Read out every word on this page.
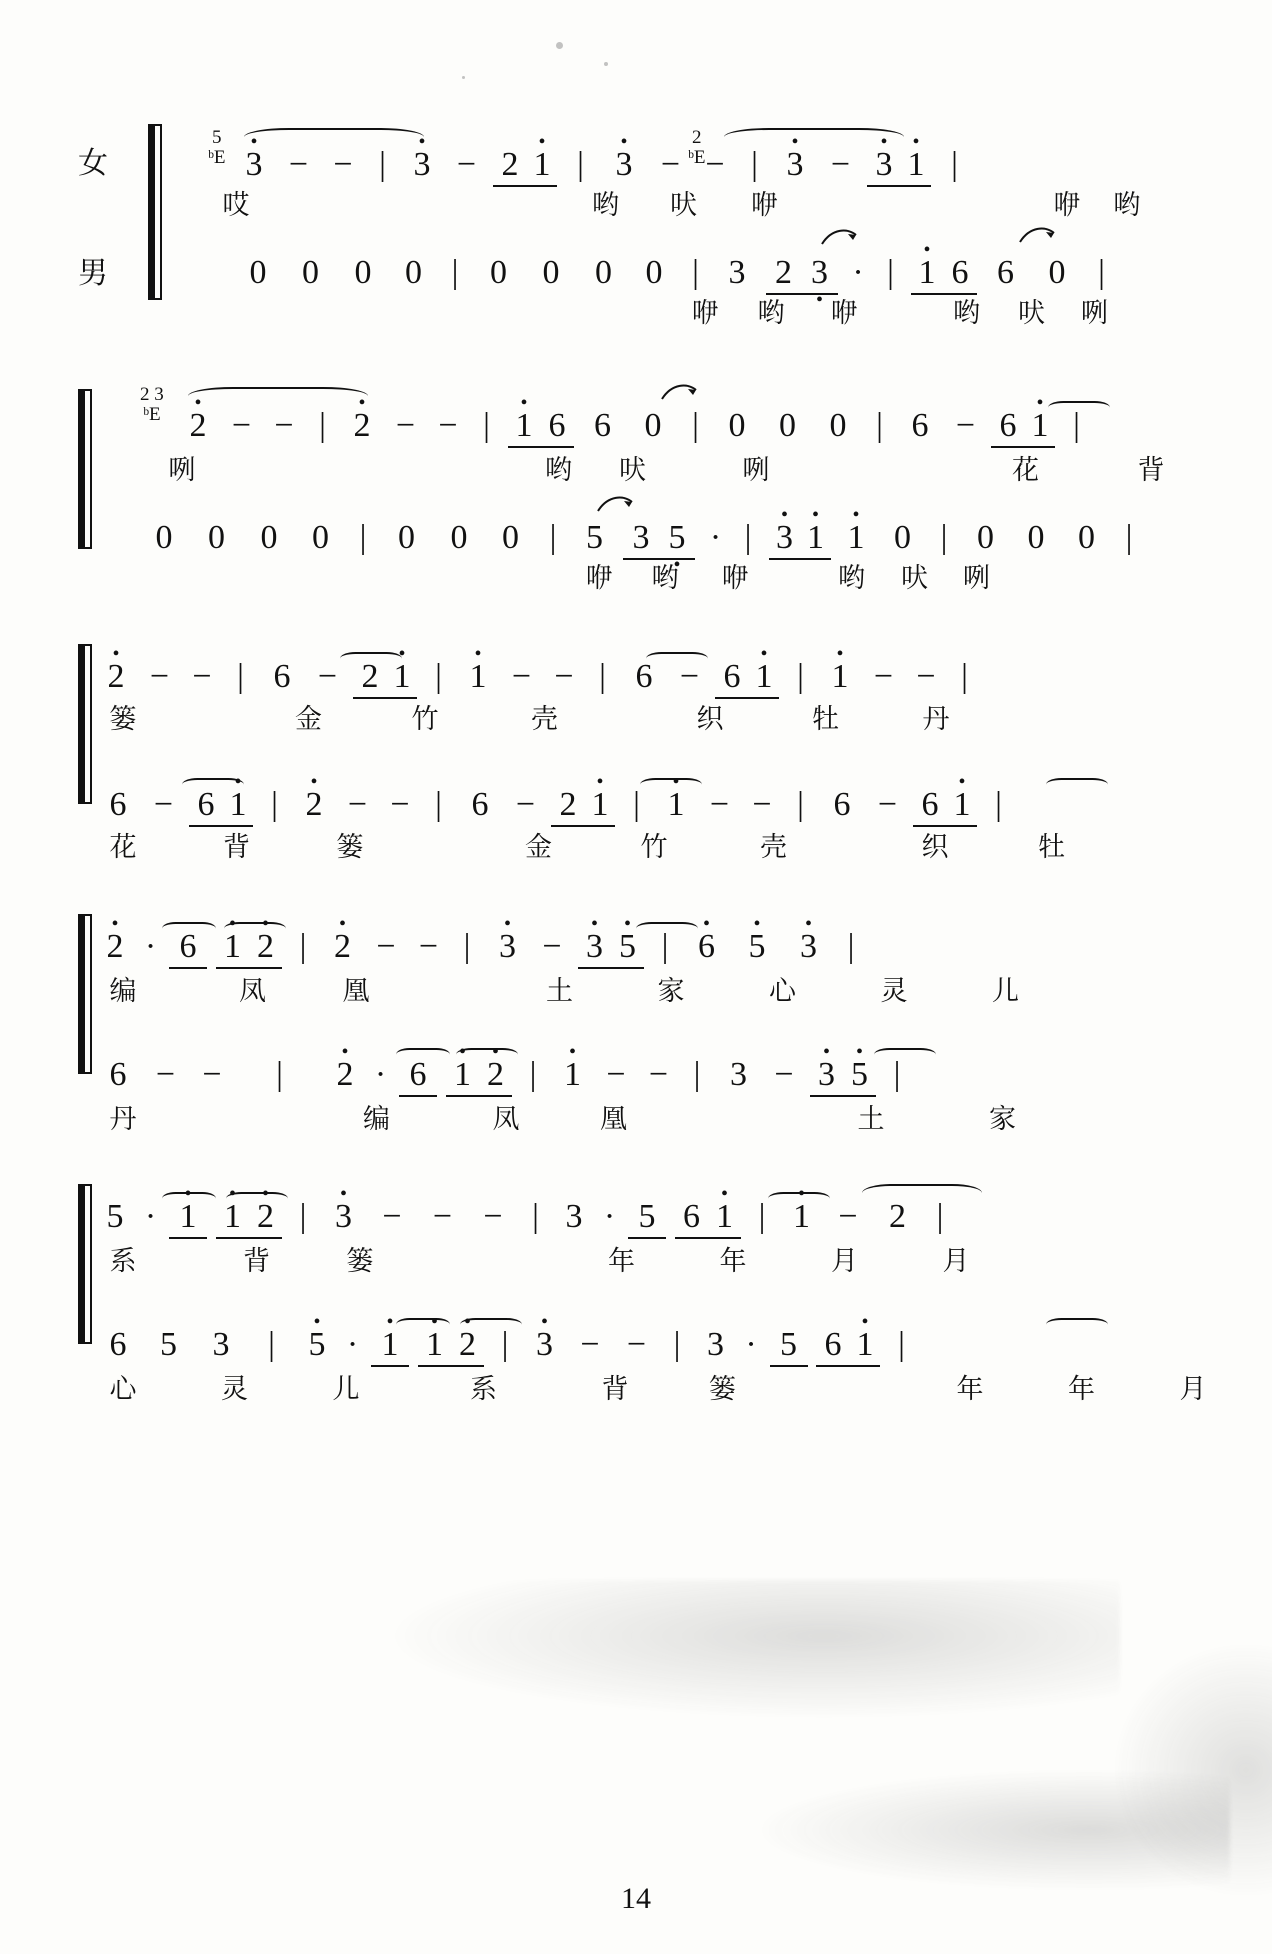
女
男
5
ᵇE
2
ᵇE
• 3 − − | • 3 − 2 • 1 | • 3 − − | • 3 − • 3 • 1 |
哎	哟 吠 咿	咿 哟
0 0 0 0 | 0 0 0 0 | 3 2 3 • · | • 1 6 6 0 |
咿 哟 咿	哟 吠 咧
2 3
ᵇE • 2 − − | • 2 − − | • 1 6 6 0 | 0 0 0 | 6 − 6 • 1 |
咧	哟 吠	咧	花	背
0 0 0 0 | 0 0 0 | 5 3 5 • · | • 3 • 1 • 1 0 | 0 0 0 |
咿 哟 咿	哟 吠 咧
• 2 − − | 6 − 2 • 1 | • 1 − − | 6 − 6 • 1 | • 1 − − |
篓	金	竹	壳	织	牡	丹
6 − 6 • 1 | • 2 − − | 6 − 2 • 1 | • 1 − − | 6 − 6 • 1 |
花	背	篓	金	竹	壳	织	牡
• 2 · 6 • 1 • 2 | • 2 − − | • 3 − • 3 • 5 | • 6 • 5 • 3 |
编	凤	凰	土	家	心	灵	儿
6 − − | • 2 · 6 • 1 • 2 | • 1 − − | 3 − • 3 • 5 |
丹	编	凤	凰	土	家
5 · • 1 • 1 • 2 | • 3 − − − | 3 · 5 6 • 1 | • 1 − 2 |
系	背	篓	年	年	月	月
6 5 3 | • 5 · • 1 • 1 • 2 | • 3 − − | 3 · 5 6 • 1 |
心	灵	儿	系	背	篓	年	年	月
14
